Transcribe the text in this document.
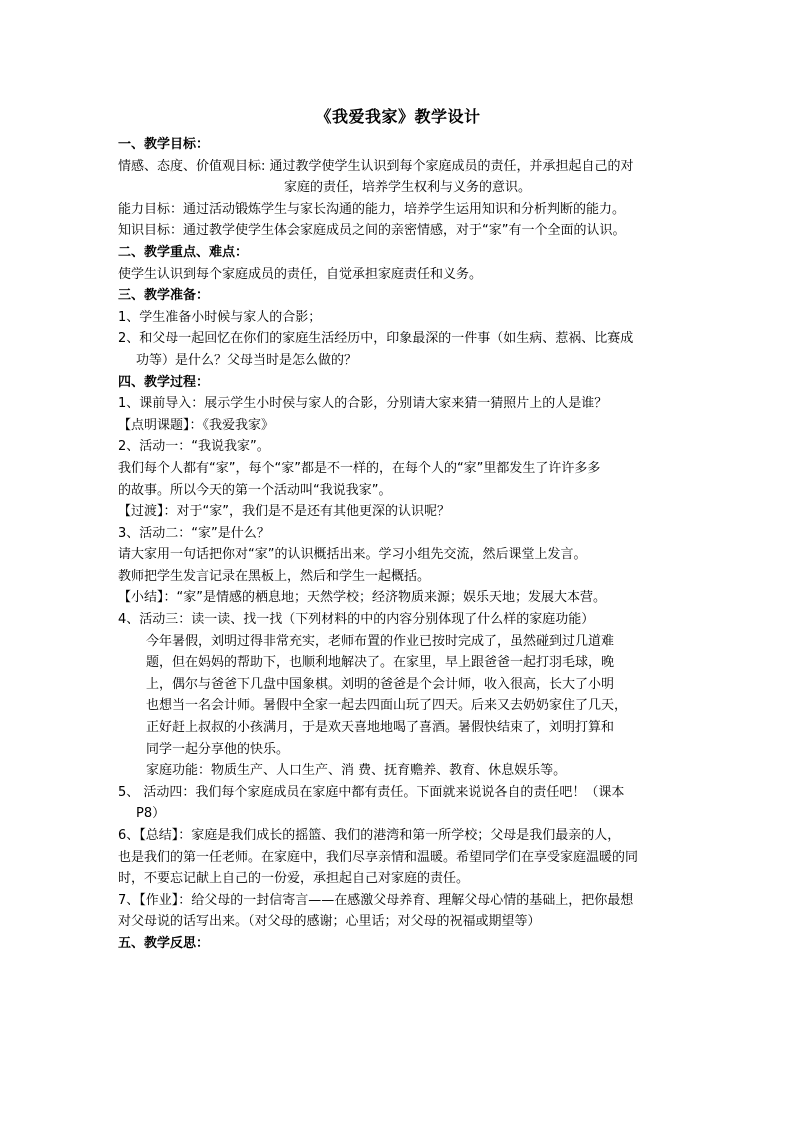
《我爱我家》教学设计
一、教学目标：
情感、态度、价值观目标: 通过教学使学生认识到每个家庭成员的责任，并承担起自己的对
家庭的责任，培养学生权利与义务的意识。
能力目标：通过活动锻炼学生与家长沟通的能力，培养学生运用知识和分析判断的能力。
知识目标：通过教学使学生体会家庭成员之间的亲密情感，对于“家”有一个全面的认识。
二、教学重点、难点：
使学生认识到每个家庭成员的责任，自觉承担家庭责任和义务。
三、教学准备：
1、学生准备小时候与家人的合影；
2、和父母一起回忆在你们的家庭生活经历中，印象最深的一件事（如生病、惹祸、比赛成
功等）是什么？父母当时是怎么做的？
四、教学过程：
1、课前导入：展示学生小时侯与家人的合影，分别请大家来猜一猜照片上的人是谁？
【点明课题】：《我爱我家》
2、活动一：“我说我家”。
我们每个人都有“家”，每个“家”都是不一样的，在每个人的“家”里都发生了许许多多
的故事。所以今天的第一个活动叫“我说我家”。
【过渡】：对于“家”，我们是不是还有其他更深的认识呢？
3、活动二：“家”是什么？
请大家用一句话把你对“家”的认识概括出来。学习小组先交流，然后课堂上发言。
教师把学生发言记录在黑板上，然后和学生一起概括。
【小结】：“家”是情感的栖息地；天然学校；经济物质来源；娱乐天地；发展大本营。
4、活动三：读一读、找一找（下列材料的中的内容分别体现了什么样的家庭功能）
今年暑假，刘明过得非常充实，老师布置的作业已按时完成了，虽然碰到过几道难
题，但在妈妈的帮助下，也顺利地解决了。在家里，早上跟爸爸一起打羽毛球，晚
上，偶尔与爸爸下几盘中国象棋。刘明的爸爸是个会计师，收入很高，长大了小明
也想当一名会计师。暑假中全家一起去四面山玩了四天。后来又去奶奶家住了几天，
正好赶上叔叔的小孩满月，于是欢天喜地地喝了喜酒。暑假快结束了，刘明打算和
同学一起分享他的快乐。
家庭功能：物质生产、人口生产、消 费、抚育赡养、教育、休息娱乐等。
5、 活动四：我们每个家庭成员在家庭中都有责任。下面就来说说各自的责任吧！（课本
P8）
6、【总结】：家庭是我们成长的摇篮、我们的港湾和第一所学校；父母是我们最亲的人，
也是我们的第一任老师。在家庭中，我们尽享亲情和温暖。希望同学们在享受家庭温暖的同
时，不要忘记献上自己的一份爱，承担起自己对家庭的责任。
7、【作业】：给父母的一封信寄言——在感激父母养育、理解父母心情的基础上，把你最想
对父母说的话写出来。（对父母的感谢；心里话；对父母的祝福或期望等）
五、教学反思：
